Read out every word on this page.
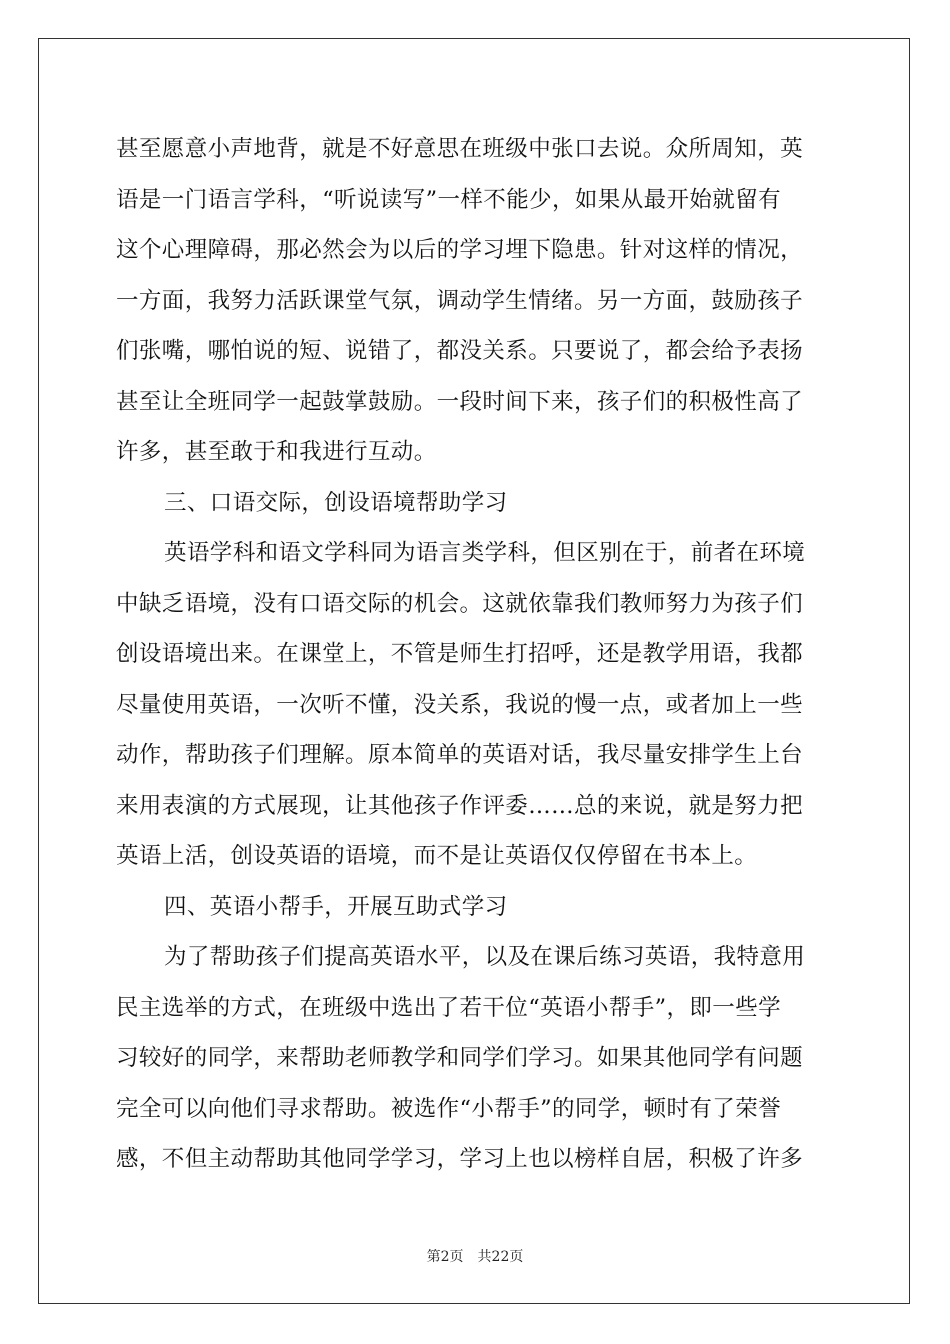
甚至愿意小声地背，就是不好意思在班级中张口去说。众所周知，英
语是一门语言学科，“听说读写”一样不能少，如果从最开始就留有
这个心理障碍，那必然会为以后的学习埋下隐患。针对这样的情况，
一方面，我努力活跃课堂气氛，调动学生情绪。另一方面，鼓励孩子
们张嘴，哪怕说的短、说错了，都没关系。只要说了，都会给予表扬
甚至让全班同学一起鼓掌鼓励。一段时间下来，孩子们的积极性高了
许多，甚至敢于和我进行互动。
三、口语交际，创设语境帮助学习
英语学科和语文学科同为语言类学科，但区别在于，前者在环境
中缺乏语境，没有口语交际的机会。这就依靠我们教师努力为孩子们
创设语境出来。在课堂上，不管是师生打招呼，还是教学用语，我都
尽量使用英语，一次听不懂，没关系，我说的慢一点，或者加上一些
动作，帮助孩子们理解。原本简单的英语对话，我尽量安排学生上台
来用表演的方式展现，让其他孩子作评委……总的来说，就是努力把
英语上活，创设英语的语境，而不是让英语仅仅停留在书本上。
四、英语小帮手，开展互助式学习
为了帮助孩子们提高英语水平，以及在课后练习英语，我特意用
民主选举的方式，在班级中选出了若干位“英语小帮手”，即一些学
习较好的同学，来帮助老师教学和同学们学习。如果其他同学有问题
完全可以向他们寻求帮助。被选作“小帮手”的同学，顿时有了荣誉
感，不但主动帮助其他同学学习，学习上也以榜样自居，积极了许多
第2页 共22页
